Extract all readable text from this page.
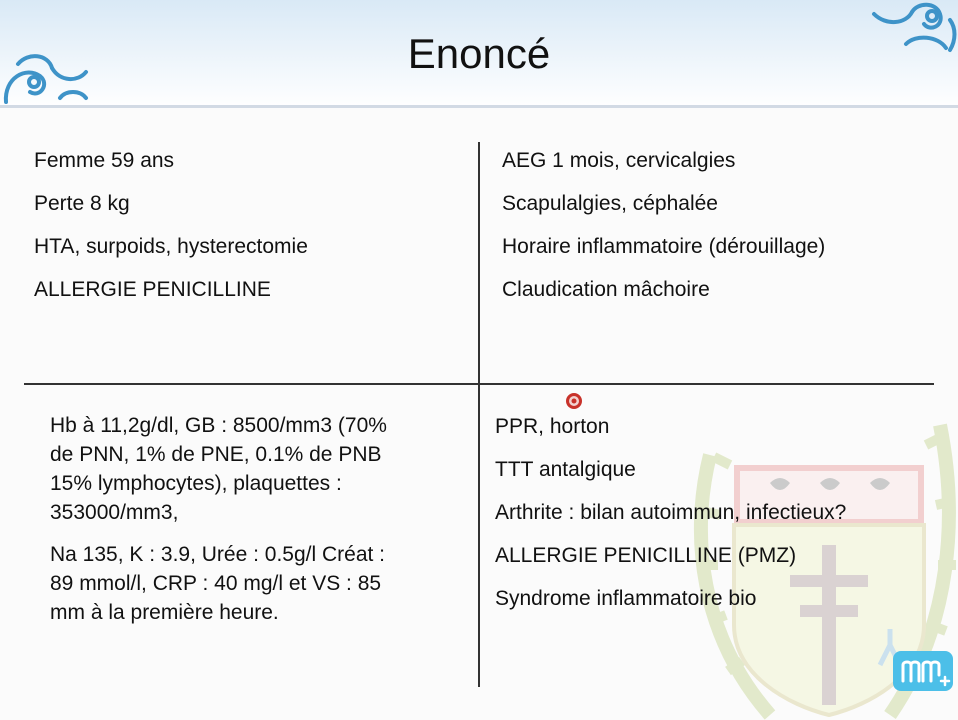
Enoncé
Femme 59 ans
Perte 8 kg
HTA, surpoids, hysterectomie
ALLERGIE PENICILLINE
AEG 1 mois, cervicalgies
Scapulalgies, céphalée
Horaire inflammatoire (dérouillage)
Claudication mâchoire
Hb à 11,2g/dl, GB : 8500/mm3 (70%
de PNN, 1% de PNE, 0.1% de PNB
15% lymphocytes), plaquettes :
353000/mm3,
Na 135, K : 3.9, Urée : 0.5g/l Créat :
89 mmol/l, CRP : 40 mg/l et VS : 85
mm à la première heure.
PPR, horton
TTT antalgique
Arthrite : bilan autoimmun, infectieux?
ALLERGIE PENICILLINE (PMZ)
Syndrome inflammatoire bio
